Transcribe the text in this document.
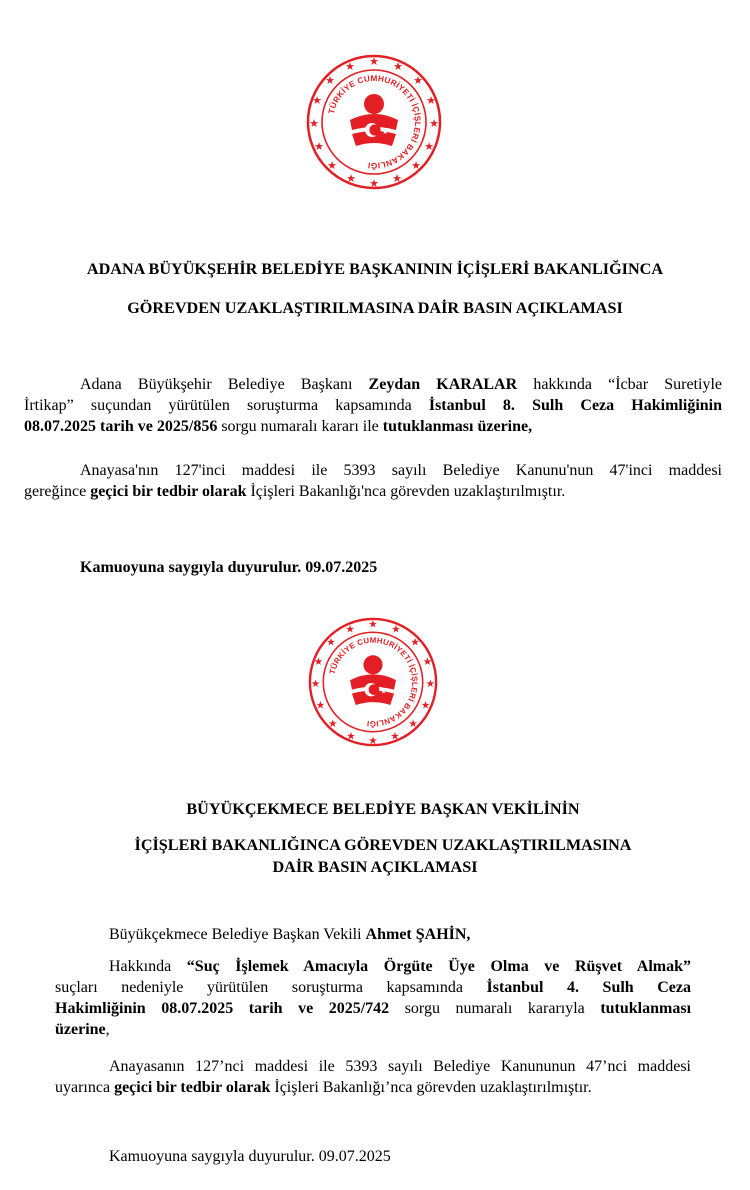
★ ★
★
★
★
★
★
★
★
★
★
★
★
★
★
★
TÜRKİYE CUMHURİYETİ İÇİŞLERİ BAKANLIĞI
★
ADANA BÜYÜKŞEHİR BELEDİYE BAŞKANININ İÇİŞLERİ BAKANLIĞINCA
GÖREVDEN UZAKLAŞTIRILMASINA DAİR BASIN AÇIKLAMASI
Adana Büyükşehir Belediye Başkanı Zeydan KARALAR hakkında “İcbar Suretiyle
İrtikap” suçundan yürütülen soruşturma kapsamında İstanbul 8. Sulh Ceza Hakimliğinin
08.07.2025 tarih ve 2025/856 sorgu numaralı kararı ile tutuklanması üzerine,
Anayasa'nın 127'inci maddesi ile 5393 sayılı Belediye Kanunu'nun 47'inci maddesi
gereğince geçici bir tedbir olarak İçişleri Bakanlığı'nca görevden uzaklaştırılmıştır.
Kamuoyuna saygıyla duyurulur. 09.07.2025
★ ★
★
★
★
★
★
★
★
★
★
★
★
★
★
★
TÜRKİYE CUMHURİYETİ İÇİŞLERİ BAKANLIĞI
★
BÜYÜKÇEKMECE BELEDİYE BAŞKAN VEKİLİNİN
İÇİŞLERİ BAKANLIĞINCA GÖREVDEN UZAKLAŞTIRILMASINA
DAİR BASIN AÇIKLAMASI
Büyükçekmece Belediye Başkan Vekili Ahmet ŞAHİN,
Hakkında “Suç İşlemek Amacıyla Örgüte Üye Olma ve Rüşvet Almak”
suçları nedeniyle yürütülen soruşturma kapsamında İstanbul 4. Sulh Ceza
Hakimliğinin 08.07.2025 tarih ve 2025/742 sorgu numaralı kararıyla tutuklanması
üzerine,
Anayasanın 127’nci maddesi ile 5393 sayılı Belediye Kanununun 47’nci maddesi
uyarınca geçici bir tedbir olarak İçişleri Bakanlığı’nca görevden uzaklaştırılmıştır.
Kamuoyuna saygıyla duyurulur. 09.07.2025
